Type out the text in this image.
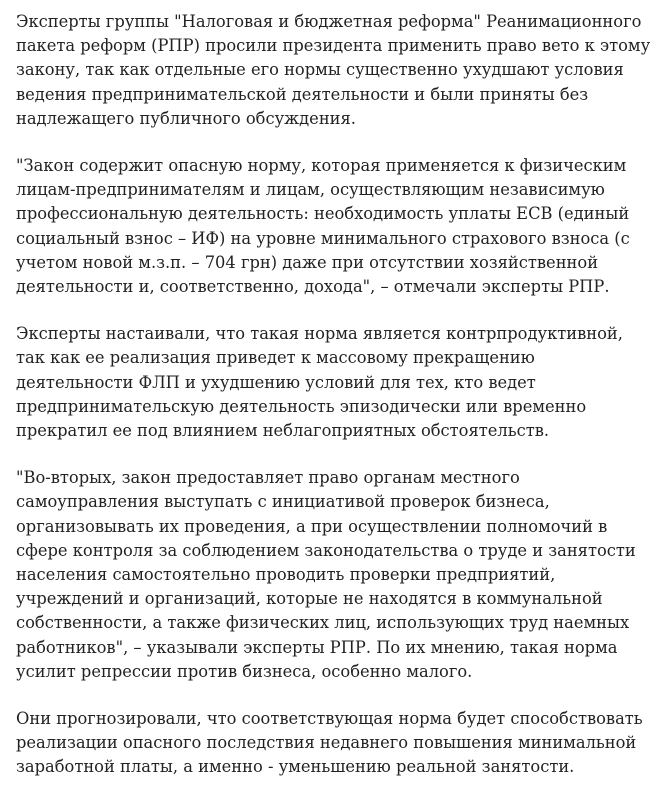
Эксперты группы "Налоговая и бюджетная реформа" Реанимационного пакета реформ (РПР) просили президента применить право вето к этому закону, так как отдельные его нормы существенно ухудшают условия ведения предпринимательской деятельности и были приняты без надлежащего публичного обсуждения.

"Закон содержит опасную норму, которая применяется к физическим лицам-предпринимателям и лицам, осуществляющим независимую профессиональную деятельность: необходимость уплаты ЕСВ (единый социальный взнос – ИФ) на уровне минимального страхового взноса (с учетом новой м.з.п. – 704 грн) даже при отсутствии хозяйственной деятельности и, соответственно, дохода", – отмечали эксперты РПР.

Эксперты настаивали, что такая норма является контрпродуктивной, так как ее реализация приведет к массовому прекращению деятельности ФЛП и ухудшению условий для тех, кто ведет предпринимательскую деятельность эпизодически или временно прекратил ее под влиянием неблагоприятных обстоятельств.

"Во-вторых, закон предоставляет право органам местного самоуправления выступать с инициативой проверок бизнеса, организовывать их проведения, а при осуществлении полномочий в сфере контроля за соблюдением законодательства о труде и занятости населения самостоятельно проводить проверки предприятий, учреждений и организаций, которые не находятся в коммунальной собственности, а также физических лиц, использующих труд наемных работников", – указывали эксперты РПР. По их мнению, такая норма усилит репрессии против бизнеса, особенно малого.

Они прогнозировали, что соответствующая норма будет способствовать реализации опасного последствия недавнего повышения минимальной заработной платы, а именно - уменьшению реальной занятости.
